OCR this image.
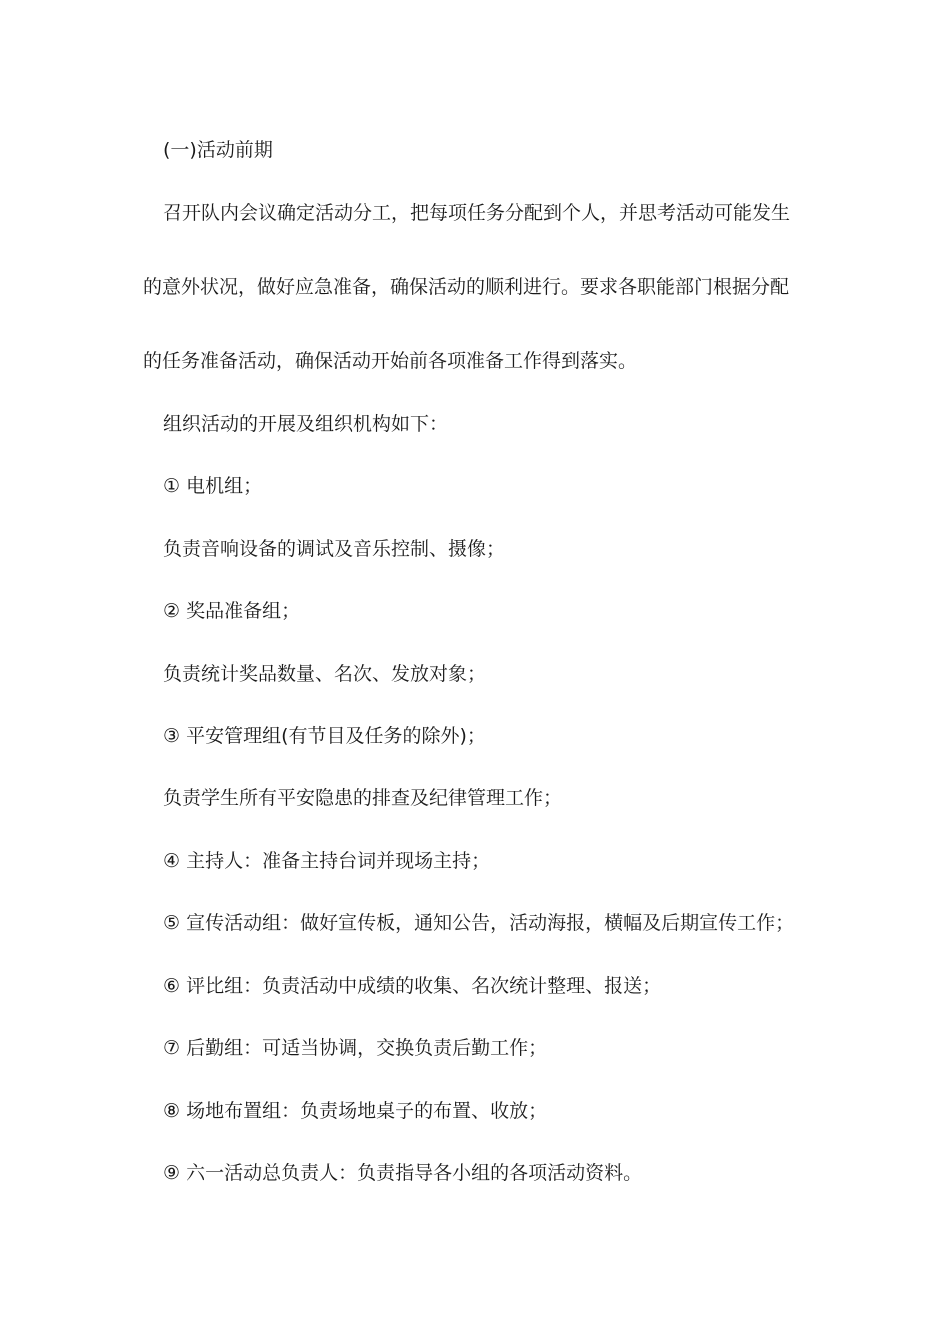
(一)活动前期
召开队内会议确定活动分工，把每项任务分配到个人，并思考活动可能发生
的意外状况，做好应急准备，确保活动的顺利进行。要求各职能部门根据分配
的任务准备活动，确保活动开始前各项准备工作得到落实。
组织活动的开展及组织机构如下：
① 电机组；
负责音响设备的调试及音乐控制、摄像；
② 奖品准备组；
负责统计奖品数量、名次、发放对象；
③ 平安管理组(有节目及任务的除外)；
负责学生所有平安隐患的排查及纪律管理工作；
④ 主持人：准备主持台词并现场主持；
⑤ 宣传活动组：做好宣传板，通知公告，活动海报，横幅及后期宣传工作；
⑥ 评比组：负责活动中成绩的收集、名次统计整理、报送；
⑦ 后勤组：可适当协调，交换负责后勤工作；
⑧ 场地布置组：负责场地桌子的布置、收放；
⑨ 六一活动总负责人：负责指导各小组的各项活动资料。
